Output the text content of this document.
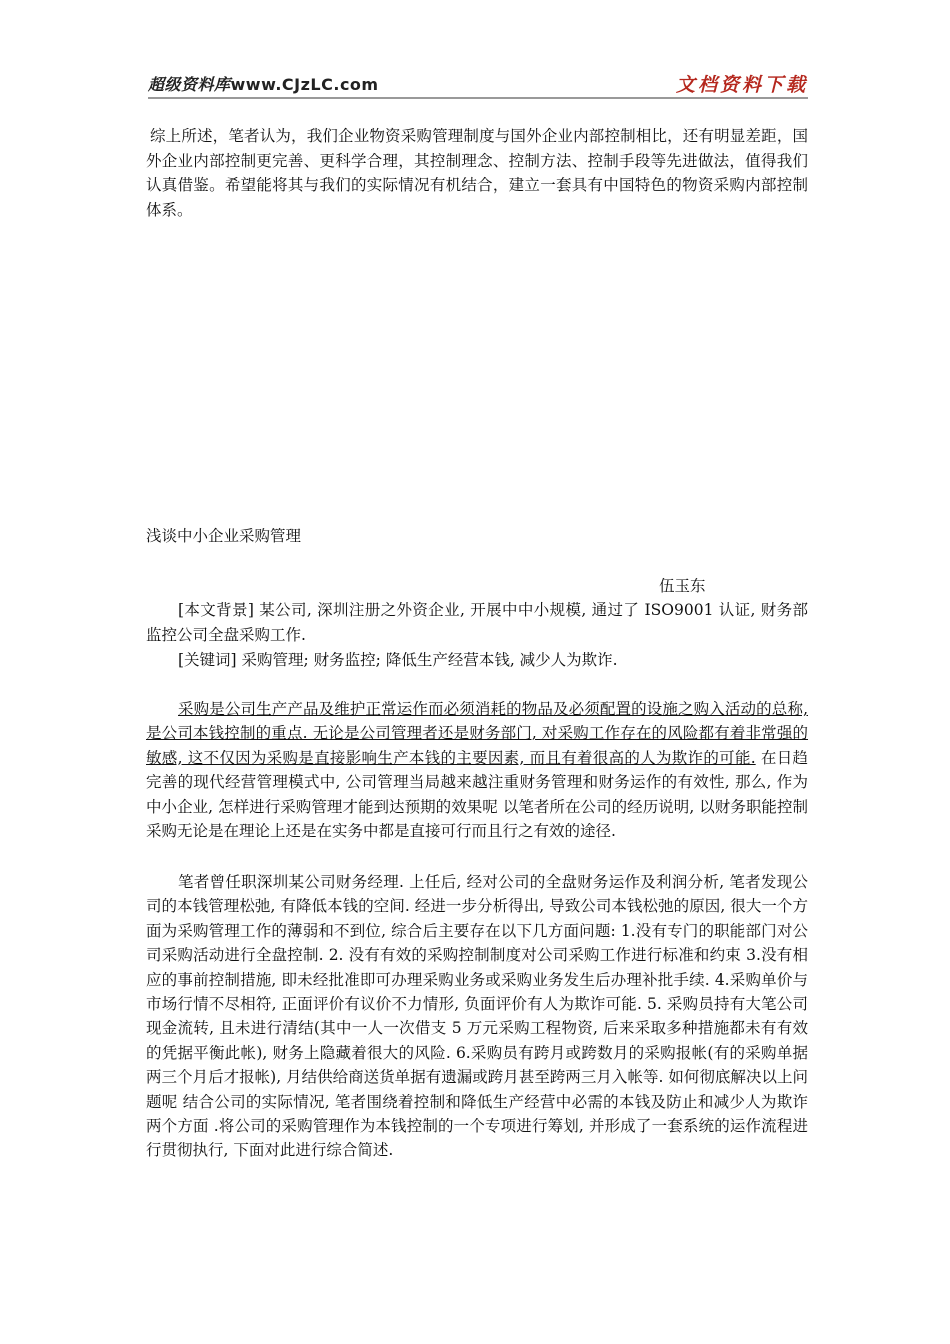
超级资料库www.CJzLC.com	文档资料下载
综上所述，笔者认为，我们企业物资采购管理制度与国外企业内部控制相比，还有明显差距，国外企业内部控制更完善、更科学合理，其控制理念、控制方法、控制手段等先进做法，值得我们认真借鉴。希望能将其与我们的实际情况有机结合，建立一套具有中国特色的物资采购内部控制体系。
浅谈中小企业采购管理
伍玉东
[本文背景] 某公司, 深圳注册之外资企业, 开展中中小规模, 通过了 ISO9001 认证, 财务部监控公司全盘采购工作.
[关键词] 采购管理; 财务监控; 降低生产经营本钱, 减少人为欺诈.
采购是公司生产产品及维护正常运作而必须消耗的物品及必须配置的设施之购入活动的总称, 是公司本钱控制的重点. 无论是公司管理者还是财务部门, 对采购工作存在的风险都有着非常强的敏感, 这不仅因为采购是直接影响生产本钱的主要因素, 而且有着很高的人为欺诈的可能. 在日趋完善的现代经营管理模式中, 公司管理当局越来越注重财务管理和财务运作的有效性, 那么, 作为中小企业, 怎样进行采购管理才能到达预期的效果呢 以笔者所在公司的经历说明, 以财务职能控制采购无论是在理论上还是在实务中都是直接可行而且行之有效的途径.
笔者曾任职深圳某公司财务经理. 上任后, 经对公司的全盘财务运作及利润分析, 笔者发现公司的本钱管理松弛, 有降低本钱的空间. 经进一步分析得出, 导致公司本钱松弛的原因, 很大一个方面为采购管理工作的薄弱和不到位, 综合后主要存在以下几方面问题: 1.没有专门的职能部门对公司采购活动进行全盘控制. 2. 没有有效的采购控制制度对公司采购工作进行标准和约束 3.没有相应的事前控制措施, 即未经批准即可办理采购业务或采购业务发生后办理补批手续. 4.采购单价与市场行情不尽相符, 正面评价有议价不力情形, 负面评价有人为欺诈可能. 5. 采购员持有大笔公司现金流转, 且未进行清结(其中一人一次借支 5 万元采购工程物资, 后来采取多种措施都未有有效的凭据平衡此帐), 财务上隐藏着很大的风险. 6.采购员有跨月或跨数月的采购报帐(有的采购单据两三个月后才报帐), 月结供给商送货单据有遗漏或跨月甚至跨两三月入帐等. 如何彻底解决以上问题呢 结合公司的实际情况, 笔者围绕着控制和降低生产经营中必需的本钱及防止和减少人为欺诈两个方面 .将公司的采购管理作为本钱控制的一个专项进行筹划, 并形成了一套系统的运作流程进行贯彻执行, 下面对此进行综合简述.
